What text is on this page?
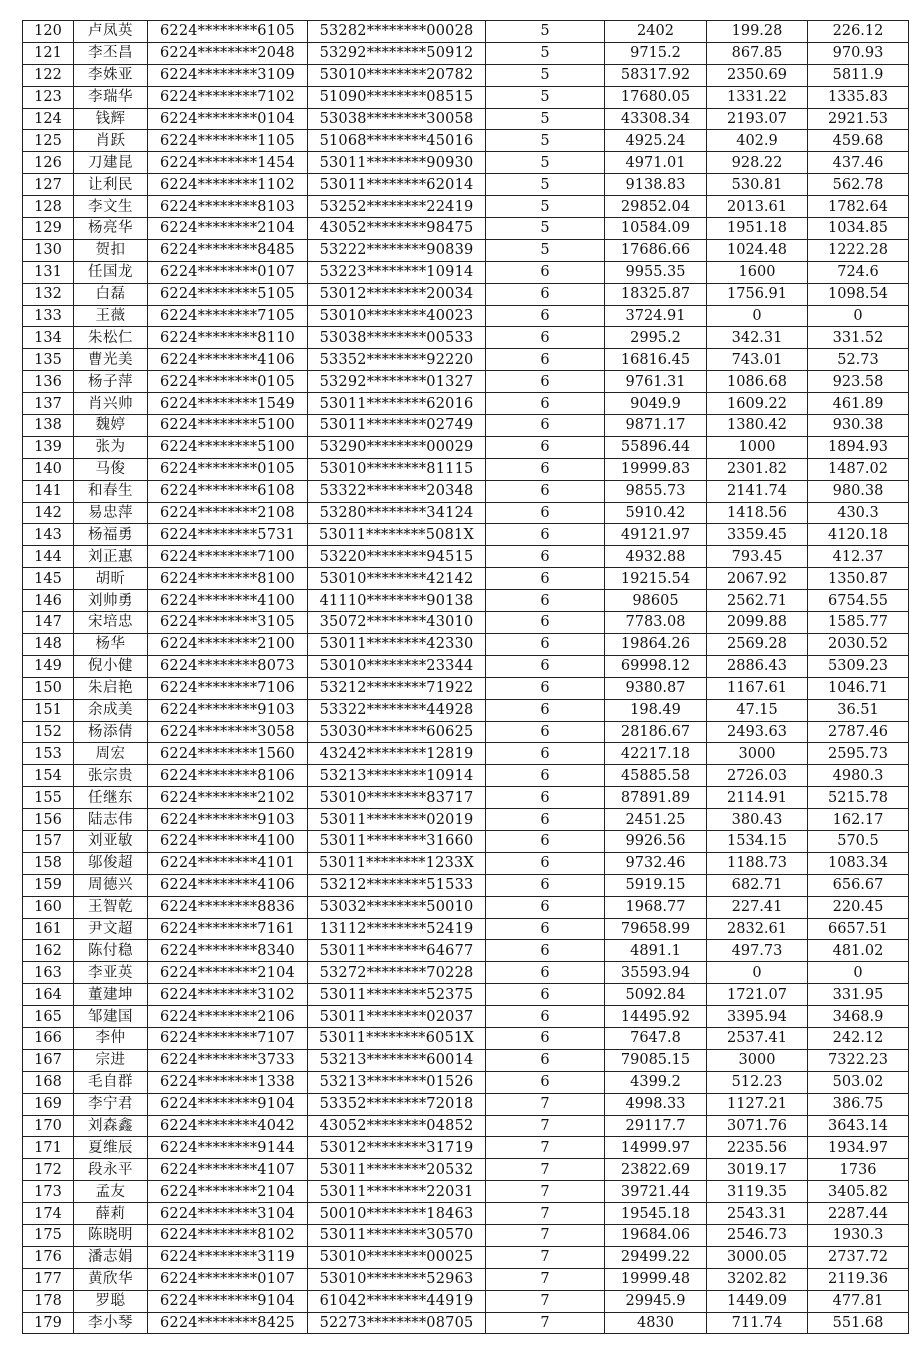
120	卢凤英	6224********6105	53282********00028	5	2402	199.28	226.12
121	李丕昌	6224********2048	53292********50912	5	9715.2	867.85	970.93
122	李姝亚	6224********3109	53010********20782	5	58317.92	2350.69	5811.9
123	李瑞华	6224********7102	51090********08515	5	17680.05	1331.22	1335.83
124	钱辉	6224********0104	53038********30058	5	43308.34	2193.07	2921.53
125	肖跃	6224********1105	51068********45016	5	4925.24	402.9	459.68
126	刀建昆	6224********1454	53011********90930	5	4971.01	928.22	437.46
127	让利民	6224********1102	53011********62014	5	9138.83	530.81	562.78
128	李文生	6224********8103	53252********22419	5	29852.04	2013.61	1782.64
129	杨亮华	6224********2104	43052********98475	5	10584.09	1951.18	1034.85
130	贺扣	6224********8485	53222********90839	5	17686.66	1024.48	1222.28
131	任国龙	6224********0107	53223********10914	6	9955.35	1600	724.6
132	白磊	6224********5105	53012********20034	6	18325.87	1756.91	1098.54
133	王薇	6224********7105	53010********40023	6	3724.91	0	0
134	朱松仁	6224********8110	53038********00533	6	2995.2	342.31	331.52
135	曹光美	6224********4106	53352********92220	6	16816.45	743.01	52.73
136	杨子萍	6224********0105	53292********01327	6	9761.31	1086.68	923.58
137	肖兴帅	6224********1549	53011********62016	6	9049.9	1609.22	461.89
138	魏婷	6224********5100	53011********02749	6	9871.17	1380.42	930.38
139	张为	6224********5100	53290********00029	6	55896.44	1000	1894.93
140	马俊	6224********0105	53010********81115	6	19999.83	2301.82	1487.02
141	和春生	6224********6108	53322********20348	6	9855.73	2141.74	980.38
142	易忠萍	6224********2108	53280********34124	6	5910.42	1418.56	430.3
143	杨福勇	6224********5731	53011********5081X	6	49121.97	3359.45	4120.18
144	刘正惠	6224********7100	53220********94515	6	4932.88	793.45	412.37
145	胡昕	6224********8100	53010********42142	6	19215.54	2067.92	1350.87
146	刘帅勇	6224********4100	41110********90138	6	98605	2562.71	6754.55
147	宋培忠	6224********3105	35072********43010	6	7783.08	2099.88	1585.77
148	杨华	6224********2100	53011********42330	6	19864.26	2569.28	2030.52
149	倪小健	6224********8073	53010********23344	6	69998.12	2886.43	5309.23
150	朱启艳	6224********7106	53212********71922	6	9380.87	1167.61	1046.71
151	余成美	6224********9103	53322********44928	6	198.49	47.15	36.51
152	杨添倩	6224********3058	53030********60625	6	28186.67	2493.63	2787.46
153	周宏	6224********1560	43242********12819	6	42217.18	3000	2595.73
154	张宗贵	6224********8106	53213********10914	6	45885.58	2726.03	4980.3
155	任继东	6224********2102	53010********83717	6	87891.89	2114.91	5215.78
156	陆志伟	6224********9103	53011********02019	6	2451.25	380.43	162.17
157	刘亚敏	6224********4100	53011********31660	6	9926.56	1534.15	570.5
158	邬俊超	6224********4101	53011********1233X	6	9732.46	1188.73	1083.34
159	周德兴	6224********4106	53212********51533	6	5919.15	682.71	656.67
160	王智乾	6224********8836	53032********50010	6	1968.77	227.41	220.45
161	尹文超	6224********7161	13112********52419	6	79658.99	2832.61	6657.51
162	陈付稳	6224********8340	53011********64677	6	4891.1	497.73	481.02
163	李亚英	6224********2104	53272********70228	6	35593.94	0	0
164	董建坤	6224********3102	53011********52375	6	5092.84	1721.07	331.95
165	邹建国	6224********2106	53011********02037	6	14495.92	3395.94	3468.9
166	李仲	6224********7107	53011********6051X	6	7647.8	2537.41	242.12
167	宗进	6224********3733	53213********60014	6	79085.15	3000	7322.23
168	毛自群	6224********1338	53213********01526	6	4399.2	512.23	503.02
169	李宁君	6224********9104	53352********72018	7	4998.33	1127.21	386.75
170	刘森鑫	6224********4042	43052********04852	7	29117.7	3071.76	3643.14
171	夏维辰	6224********9144	53012********31719	7	14999.97	2235.56	1934.97
172	段永平	6224********4107	53011********20532	7	23822.69	3019.17	1736
173	孟友	6224********2104	53011********22031	7	39721.44	3119.35	3405.82
174	薛莉	6224********3104	50010********18463	7	19545.18	2543.31	2287.44
175	陈晓明	6224********8102	53011********30570	7	19684.06	2546.73	1930.3
176	潘志娟	6224********3119	53010********00025	7	29499.22	3000.05	2737.72
177	黄欣华	6224********0107	53010********52963	7	19999.48	3202.82	2119.36
178	罗聪	6224********9104	61042********44919	7	29945.9	1449.09	477.81
179	李小琴	6224********8425	52273********08705	7	4830	711.74	551.68
